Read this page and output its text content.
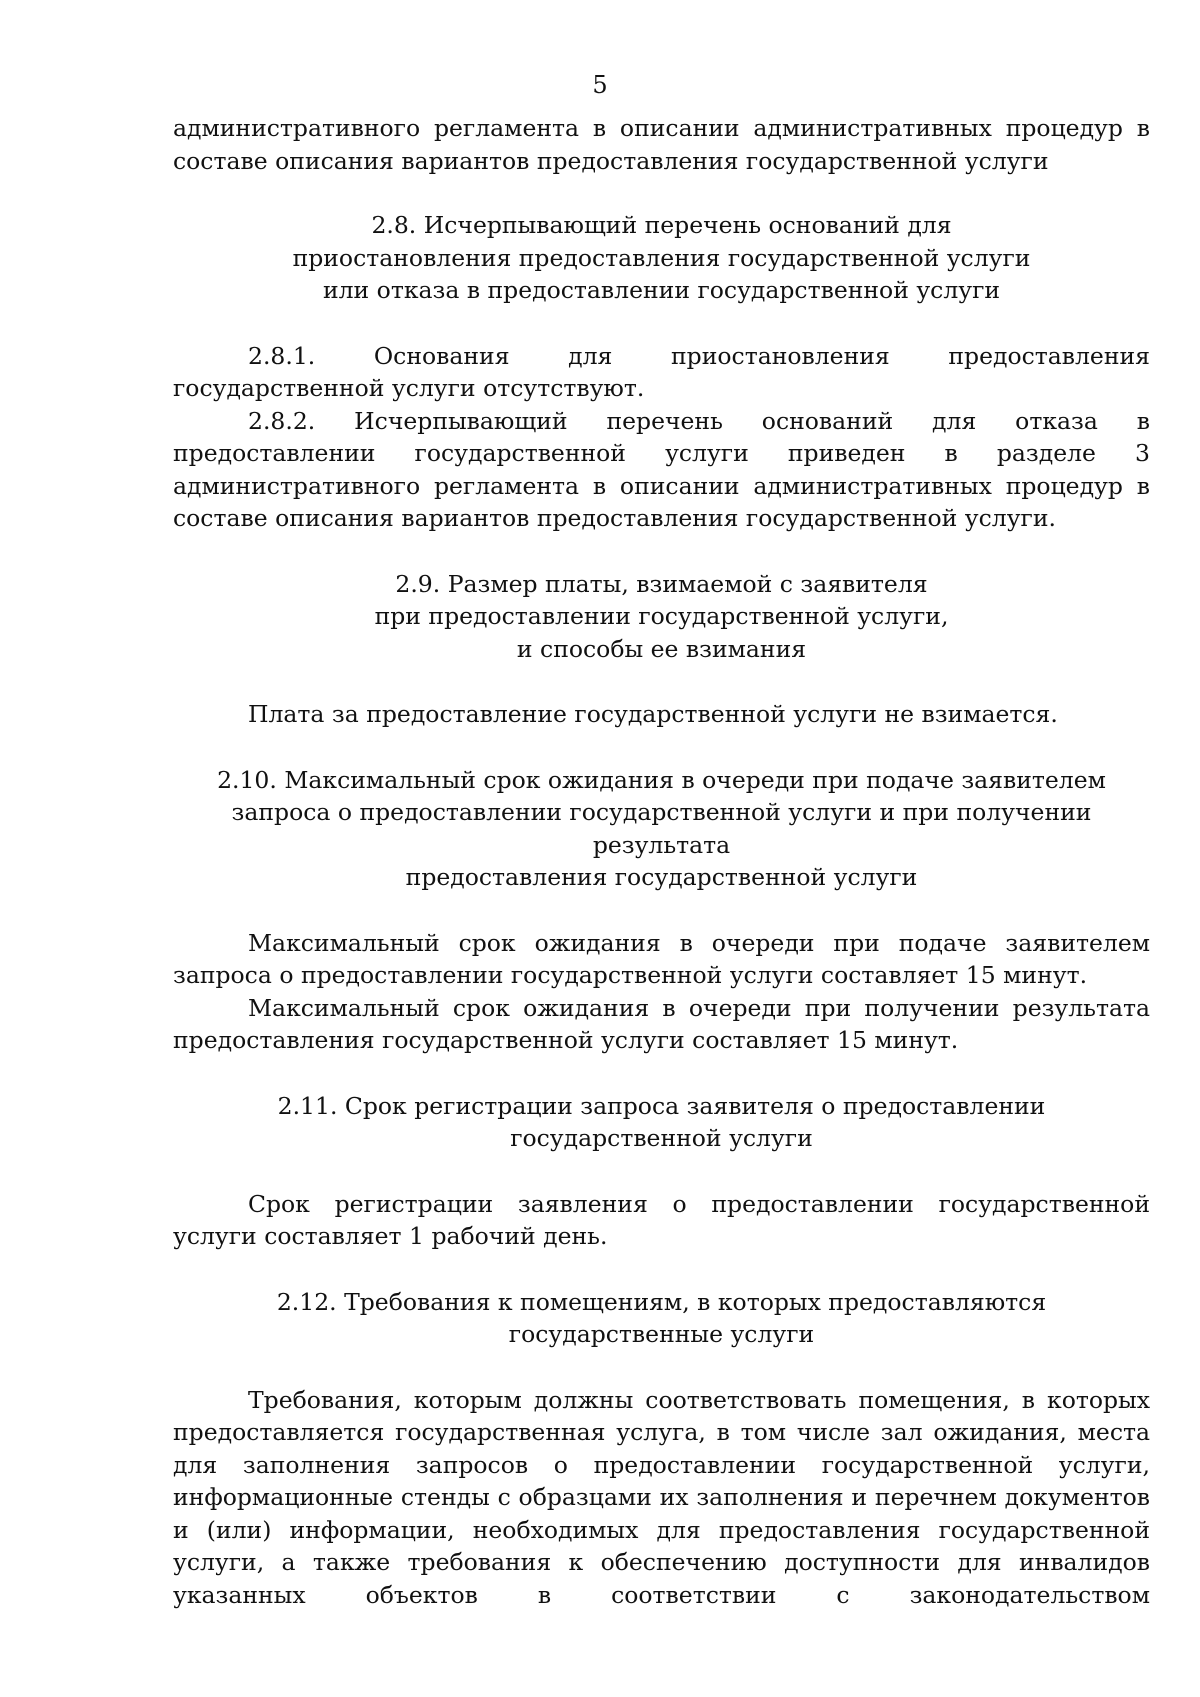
5

административного регламента в описании административных процедур в составе описания вариантов предоставления государственной услуги

2.8. Исчерпывающий перечень оснований для
приостановления предоставления государственной услуги
или отказа в предоставлении государственной услуги

2.8.1. Основания для приостановления предоставления государственной услуги отсутствуют.

2.8.2. Исчерпывающий перечень оснований для отказа в предоставлении государственной услуги приведен в разделе 3 административного регламента в описании административных процедур в составе описания вариантов предоставления государственной услуги.

2.9. Размер платы, взимаемой с заявителя
при предоставлении государственной услуги,
и способы ее взимания

Плата за предоставление государственной услуги не взимается.

2.10. Максимальный срок ожидания в очереди при подаче заявителем
запроса о предоставлении государственной услуги и при получении результата
предоставления государственной услуги

Максимальный срок ожидания в очереди при подаче заявителем запроса о предоставлении государственной услуги составляет 15 минут.

Максимальный срок ожидания в очереди при получении результата предоставления государственной услуги составляет 15 минут.

2.11. Срок регистрации запроса заявителя о предоставлении
государственной услуги

Срок регистрации заявления о предоставлении государственной услуги составляет 1 рабочий день.

2.12. Требования к помещениям, в которых предоставляются
государственные услуги

Требования, которым должны соответствовать помещения, в которых предоставляется государственная услуга, в том числе зал ожидания, места для заполнения запросов о предоставлении государственной услуги, информационные стенды с образцами их заполнения и перечнем документов и (или) информации, необходимых для предоставления государственной услуги, а также требования к обеспечению доступности для инвалидов указанных объектов в соответствии с законодательством
